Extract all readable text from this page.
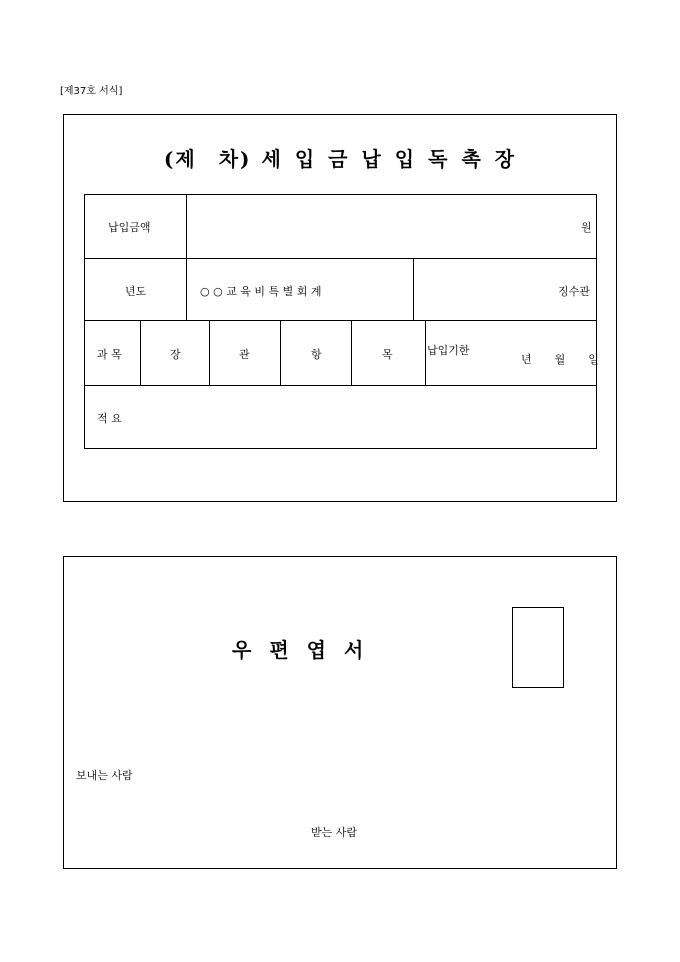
[제37호 서식]
(제 차) 세 입 금 납 입 독 촉 장
납입금액	원
년도	○ ○ 교 육 비 특 별 회 계	징수관
과 목	장	관	항	목	납입기한
년  월  일
적 요
우 편 엽 서
보내는 사람
받는 사람
